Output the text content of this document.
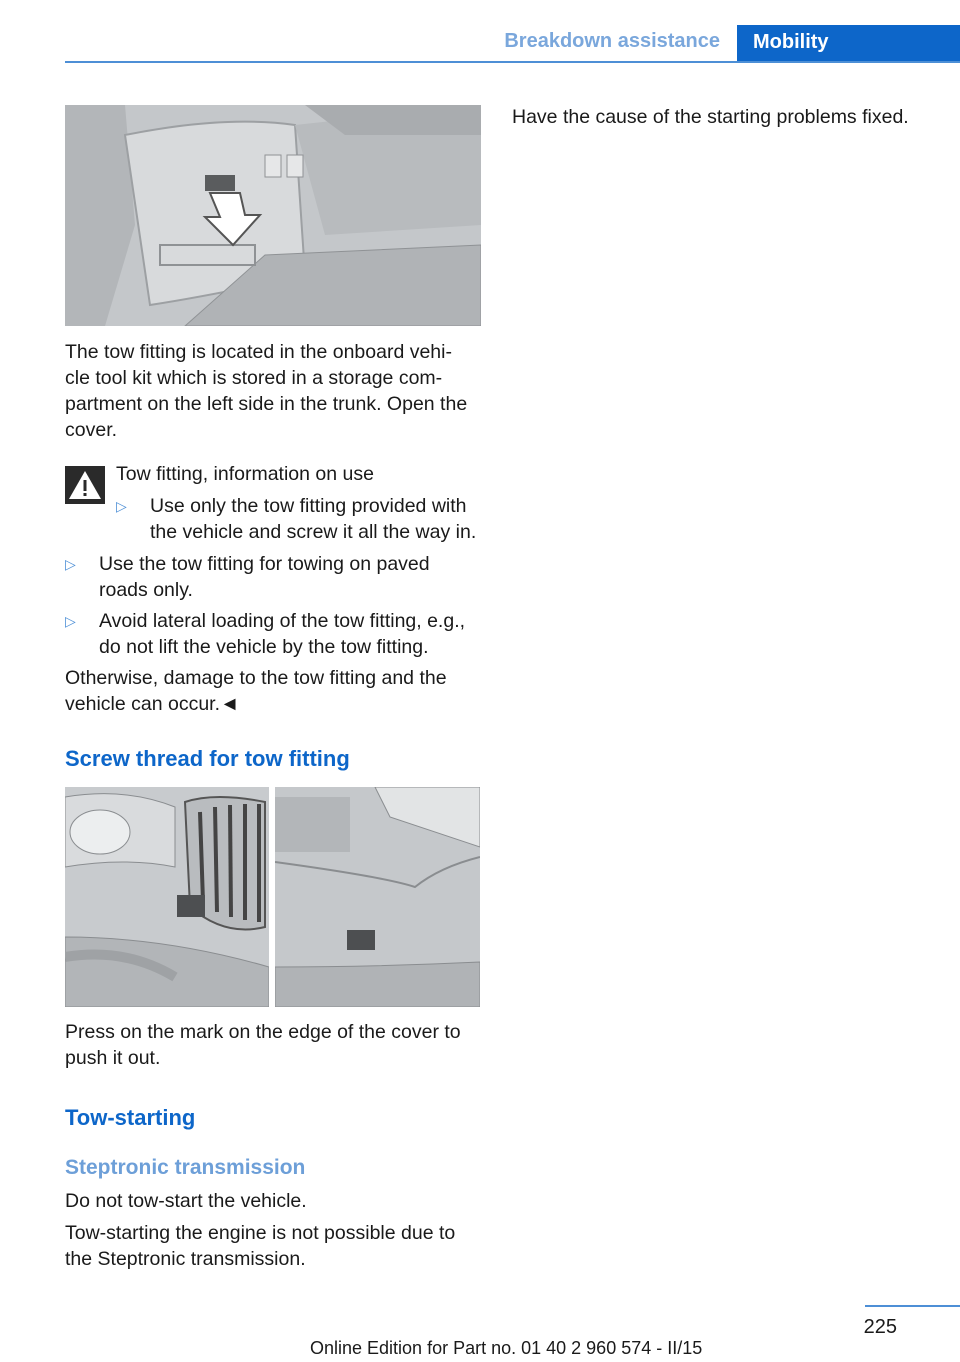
Breakdown assistance	Mobility
The tow fitting is located in the onboard vehi‐
cle tool kit which is stored in a storage com‐
partment on the left side in the trunk. Open the
cover.
Tow fitting, information on use
▷ Use only the tow fitting provided with
the vehicle and screw it all the way in.
▷ Use the tow fitting for towing on paved
roads only.
▷ Avoid lateral loading of the tow fitting, e.g.,
do not lift the vehicle by the tow fitting.
Otherwise, damage to the tow fitting and the
vehicle can occur.◄
Screw thread for tow fitting
Press on the mark on the edge of the cover to
push it out.
Tow-starting
Steptronic transmission
Do not tow-start the vehicle.
Tow-starting the engine is not possible due to
the Steptronic transmission.
Have the cause of the starting problems fixed.
225
Online Edition for Part no. 01 40 2 960 574 - II/15
